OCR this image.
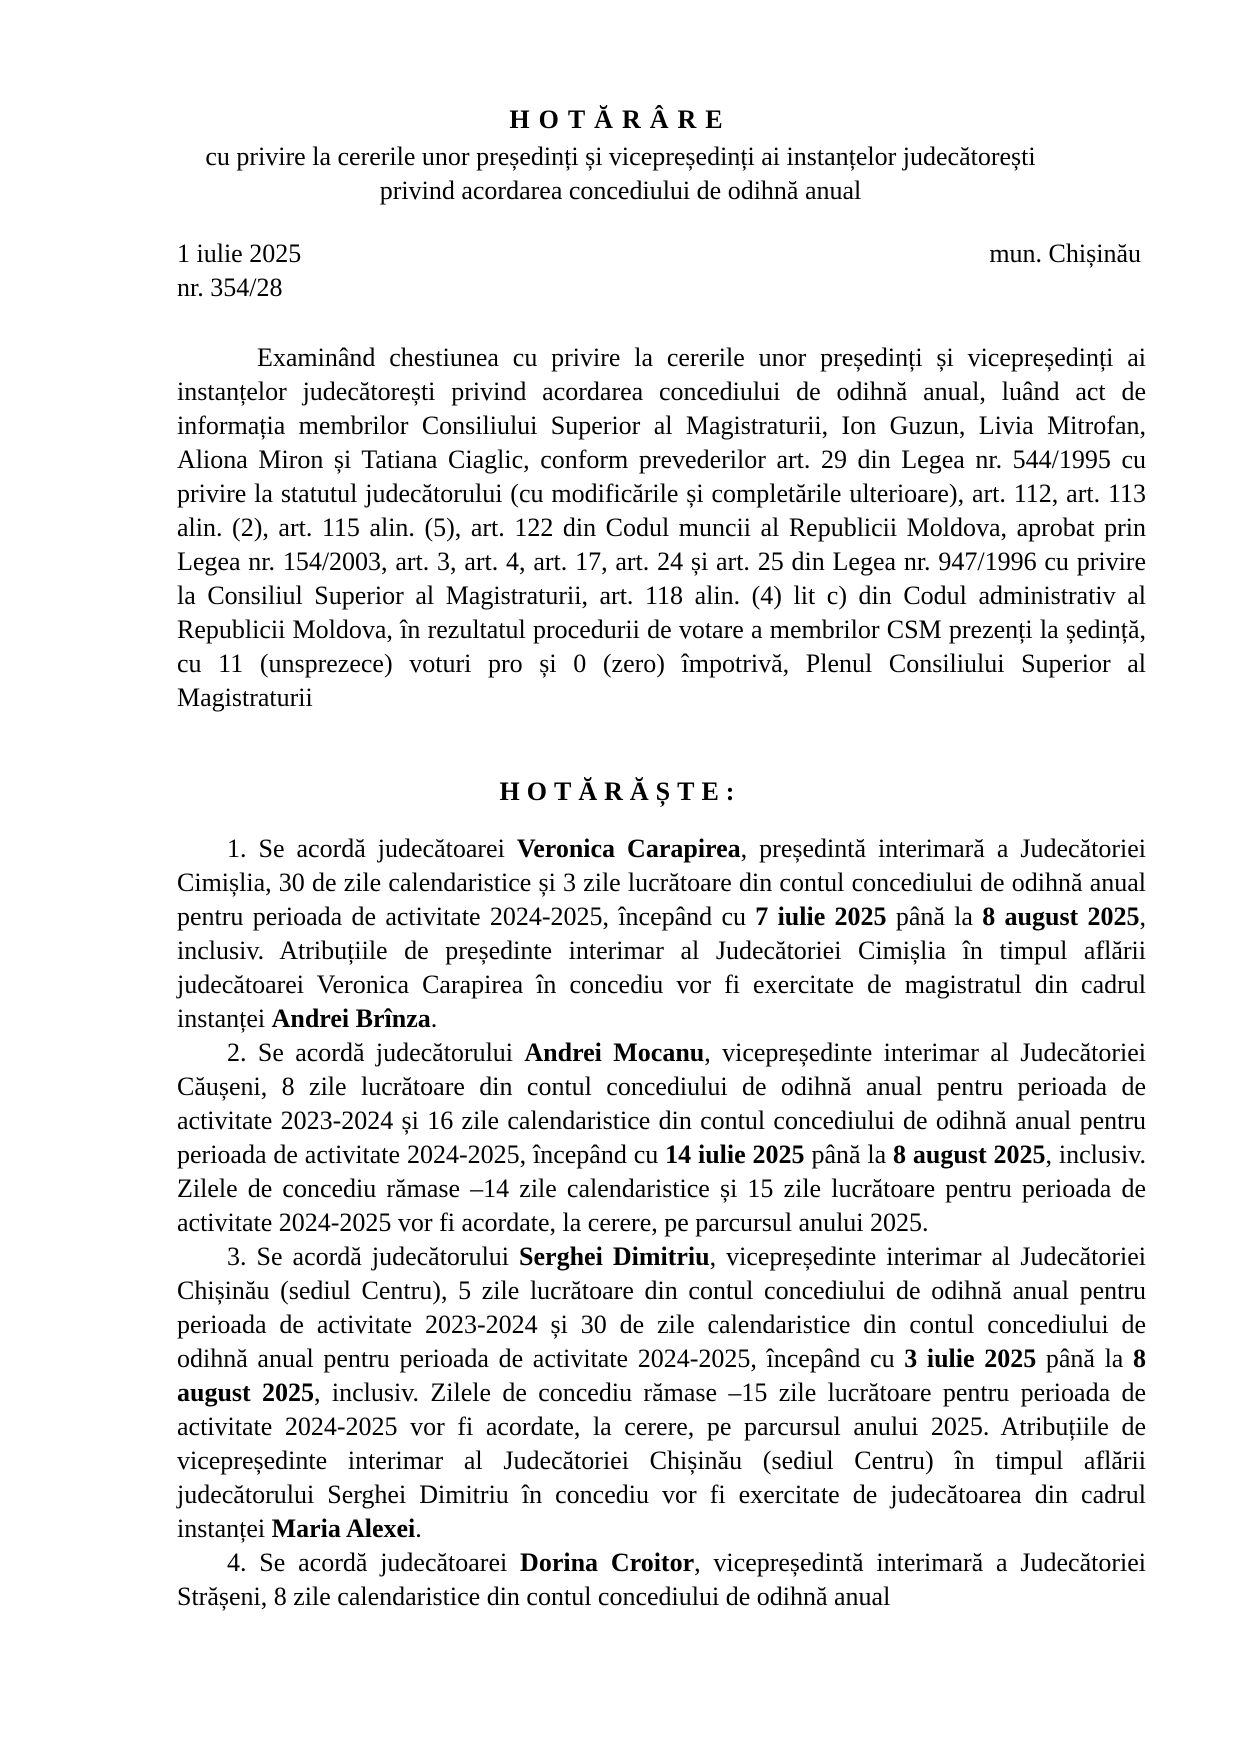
HOTĂRÂRE
cu privire la cererile unor președinți și vicepreședinți ai instanțelor judecătorești
privind acordarea concediului de odihnă anual
1 iulie 2025
nr. 354/28
mun. Chișinău

Examinând chestiunea cu privire la cererile unor președinți și vicepreședinți ai instanțelor judecătorești privind acordarea concediului de odihnă anual, luând act de informația membrilor Consiliului Superior al Magistraturii, Ion Guzun, Livia Mitrofan, Aliona Miron și Tatiana Ciaglic, conform prevederilor art. 29 din Legea nr. 544/1995 cu privire la statutul judecătorului (cu modificările și completările ulterioare), art. 112, art. 113 alin. (2), art. 115 alin. (5), art. 122 din Codul muncii al Republicii Moldova, aprobat prin Legea nr. 154/2003, art. 3, art. 4, art. 17, art. 24 și art. 25 din Legea nr. 947/1996 cu privire la Consiliul Superior al Magistraturii, art. 118 alin. (4) lit c) din Codul administrativ al Republicii Moldova, în rezultatul procedurii de votare a membrilor CSM prezenți la ședință, cu 11 (unsprezece) voturi pro și 0 (zero) împotrivă, Plenul Consiliului Superior al Magistraturii

HOTĂRĂȘTE:

1. Se acordă judecătoarei Veronica Carapirea, președintă interimară a Judecătoriei Cimișlia, 30 de zile calendaristice și 3 zile lucrătoare din contul concediului de odihnă anual pentru perioada de activitate 2024-2025, începând cu 7 iulie 2025 până la 8 august 2025, inclusiv. Atribuțiile de președinte interimar al Judecătoriei Cimișlia în timpul aflării judecătoarei Veronica Carapirea în concediu vor fi exercitate de magistratul din cadrul instanței Andrei Brînza.

2. Se acordă judecătorului Andrei Mocanu, vicepreședinte interimar al Judecătoriei Căușeni, 8 zile lucrătoare din contul concediului de odihnă anual pentru perioada de activitate 2023-2024 și 16 zile calendaristice din contul concediului de odihnă anual pentru perioada de activitate 2024-2025, începând cu 14 iulie 2025 până la 8 august 2025, inclusiv. Zilele de concediu rămase –14 zile calendaristice și 15 zile lucrătoare pentru perioada de activitate 2024-2025 vor fi acordate, la cerere, pe parcursul anului 2025.

3. Se acordă judecătorului Serghei Dimitriu, vicepreședinte interimar al Judecătoriei Chișinău (sediul Centru), 5 zile lucrătoare din contul concediului de odihnă anual pentru perioada de activitate 2023-2024 și 30 de zile calendaristice din contul concediului de odihnă anual pentru perioada de activitate 2024-2025, începând cu 3 iulie 2025 până la 8 august 2025, inclusiv. Zilele de concediu rămase –15 zile lucrătoare pentru perioada de activitate 2024-2025 vor fi acordate, la cerere, pe parcursul anului 2025. Atribuțiile de vicepreședinte interimar al Judecătoriei Chișinău (sediul Centru) în timpul aflării judecătorului Serghei Dimitriu în concediu vor fi exercitate de judecătoarea din cadrul instanței Maria Alexei.

4. Se acordă judecătoarei Dorina Croitor, vicepreședintă interimară a Judecătoriei Strășeni, 8 zile calendaristice din contul concediului de odihnă anual
